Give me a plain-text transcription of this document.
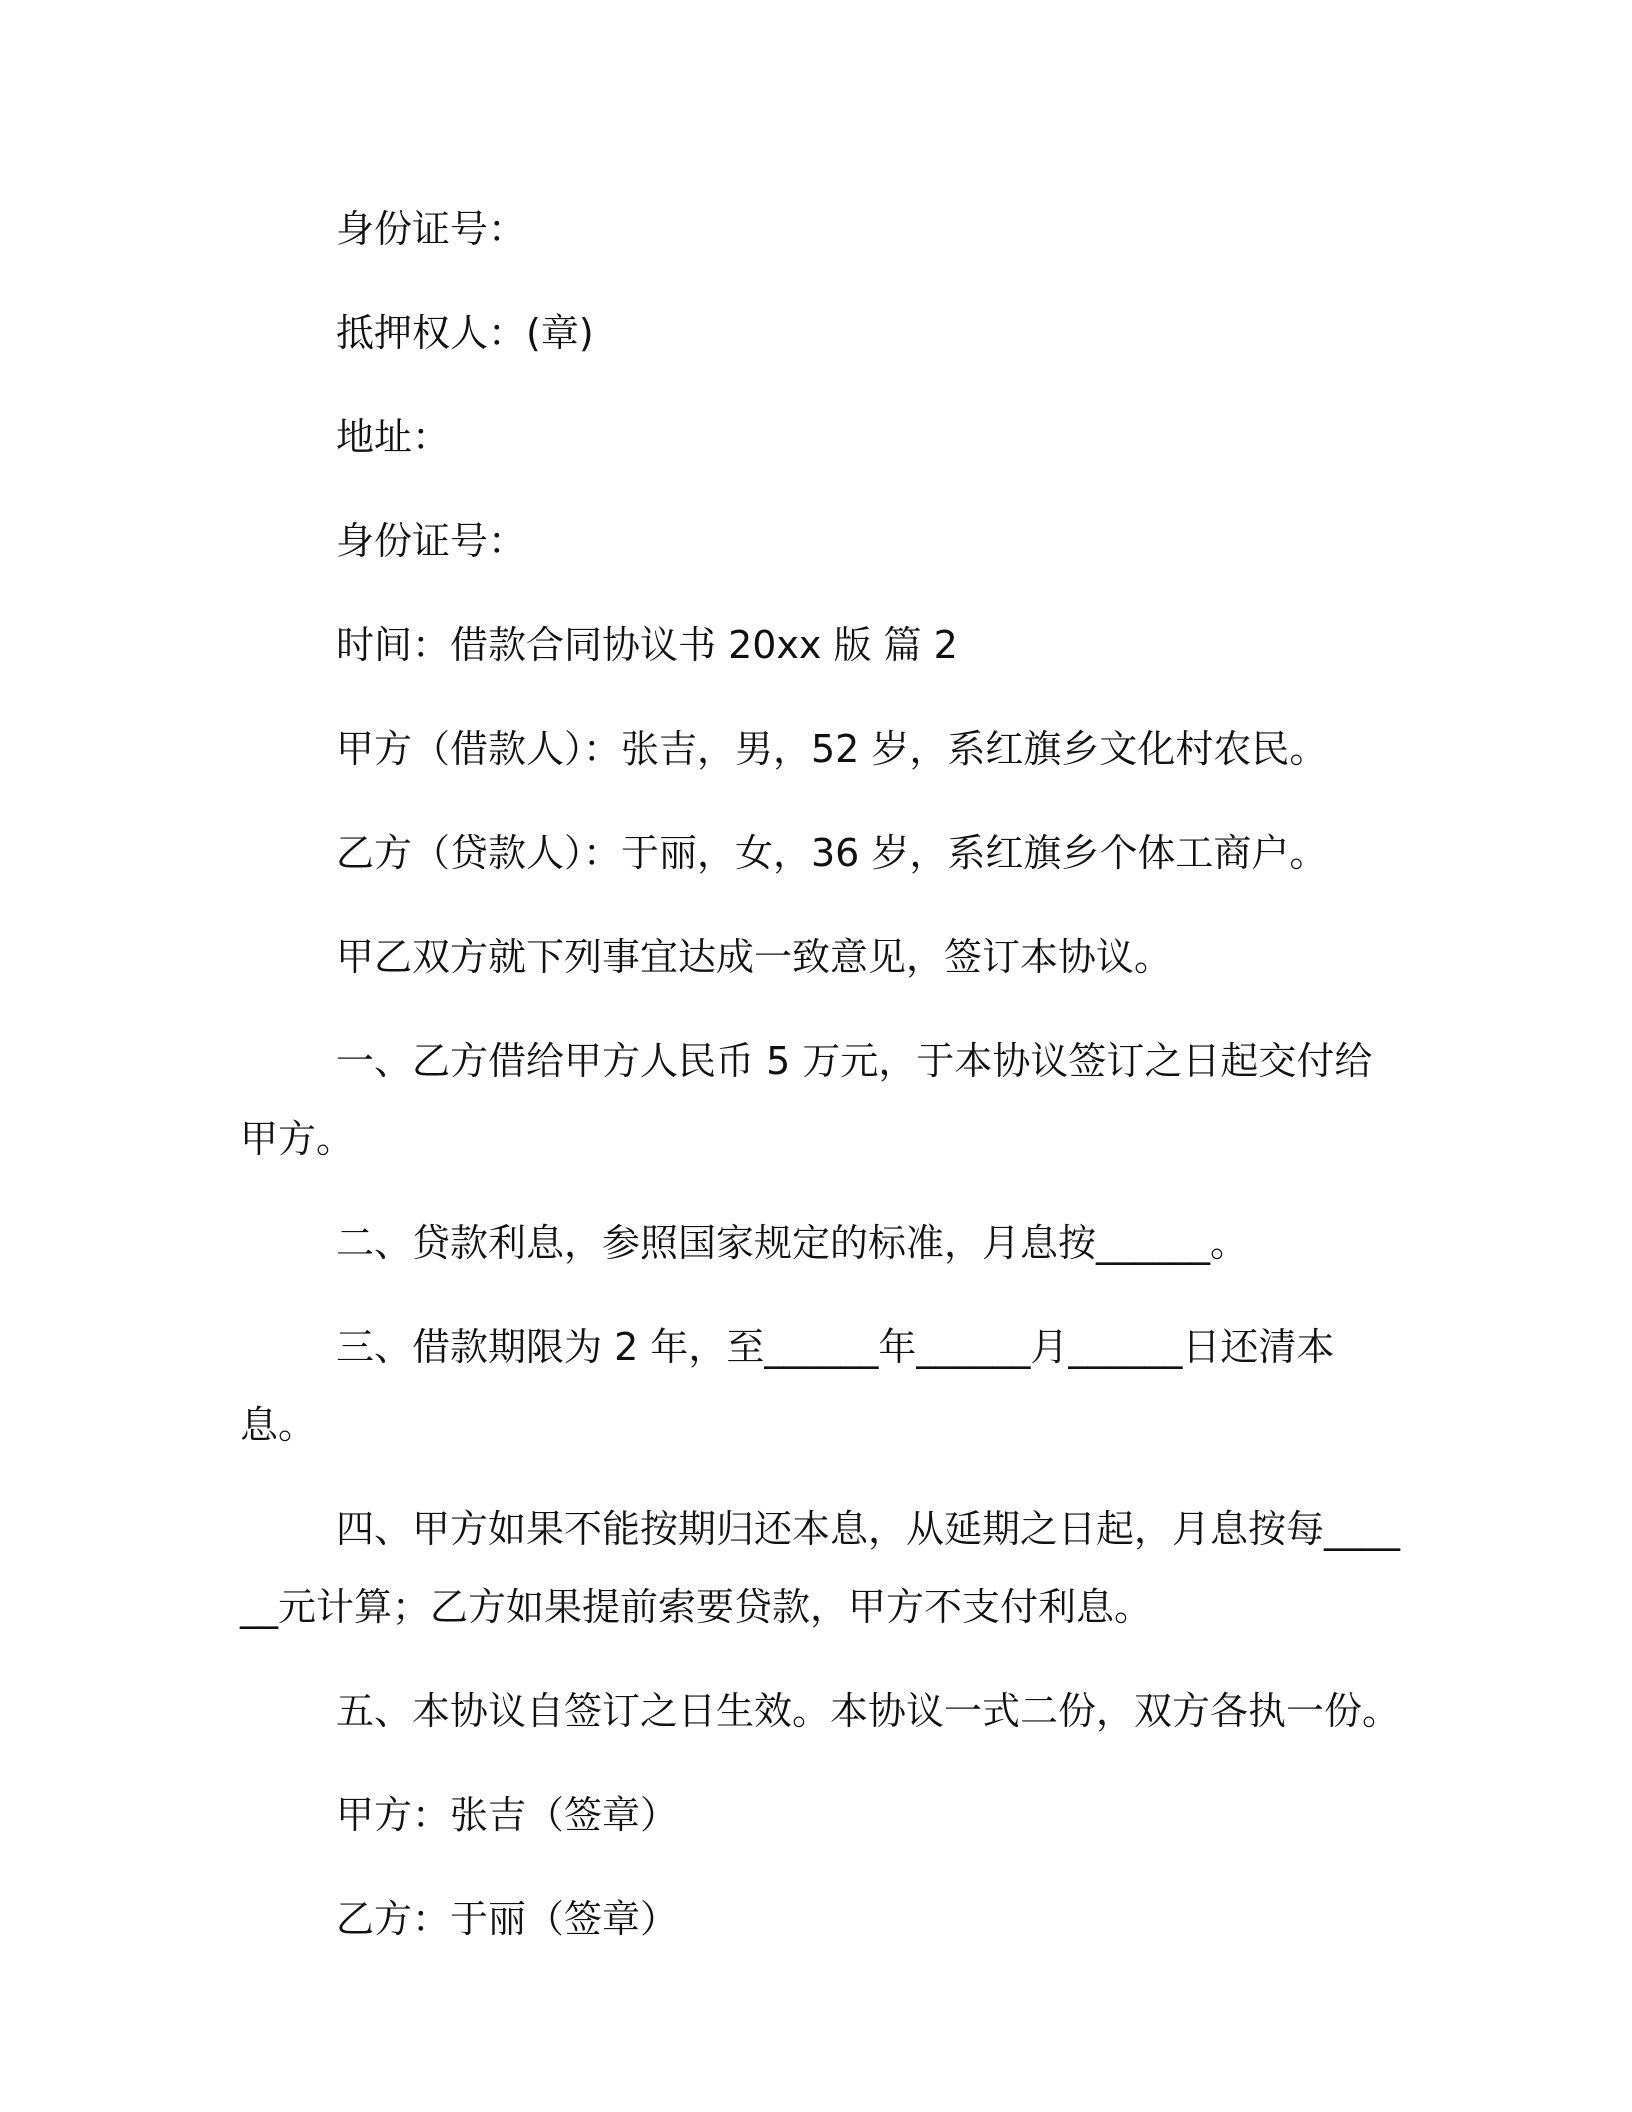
身份证号：

抵押权人：(章)

地址：

身份证号：

时间：借款合同协议书 20xx 版 篇 2

甲方（借款人）：张吉，男，52 岁，系红旗乡文化村农民。

乙方（贷款人）：于丽，女，36 岁，系红旗乡个体工商户。

甲乙双方就下列事宜达成一致意见，签订本协议。

一、乙方借给甲方人民币 5 万元，于本协议签订之日起交付给甲方。

二、贷款利息，参照国家规定的标准，月息按______。

三、借款期限为 2 年，至______年______月______日还清本息。

四、甲方如果不能按期归还本息，从延期之日起，月息按每______元计算；乙方如果提前索要贷款，甲方不支付利息。

五、本协议自签订之日生效。本协议一式二份，双方各执一份。

甲方：张吉（签章）

乙方：于丽（签章）
